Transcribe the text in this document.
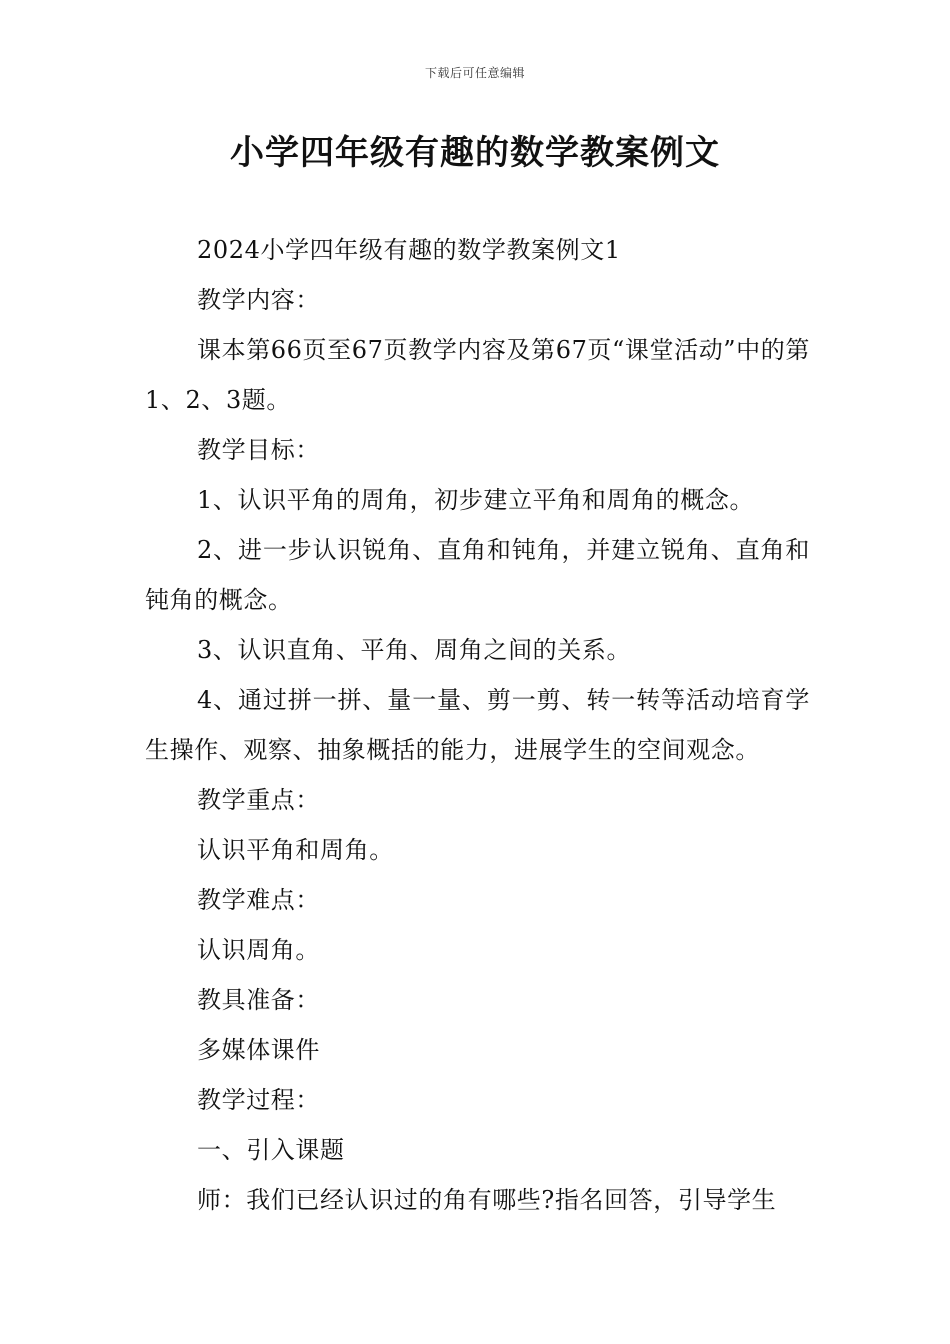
下载后可任意编辑
小学四年级有趣的数学教案例文

2024小学四年级有趣的数学教案例文1

教学内容：

课本第66页至67页教学内容及第67页“课堂活动”中的第1、2、3题。

教学目标：

1、认识平角的周角，初步建立平角和周角的概念。

2、进一步认识锐角、直角和钝角，并建立锐角、直角和钝角的概念。

3、认识直角、平角、周角之间的关系。

4、通过拼一拼、量一量、剪一剪、转一转等活动培育学生操作、观察、抽象概括的能力，进展学生的空间观念。

教学重点：

认识平角和周角。

教学难点：

认识周角。

教具准备：

多媒体课件

教学过程：

一、引入课题

师：我们已经认识过的角有哪些?指名回答，引导学生
